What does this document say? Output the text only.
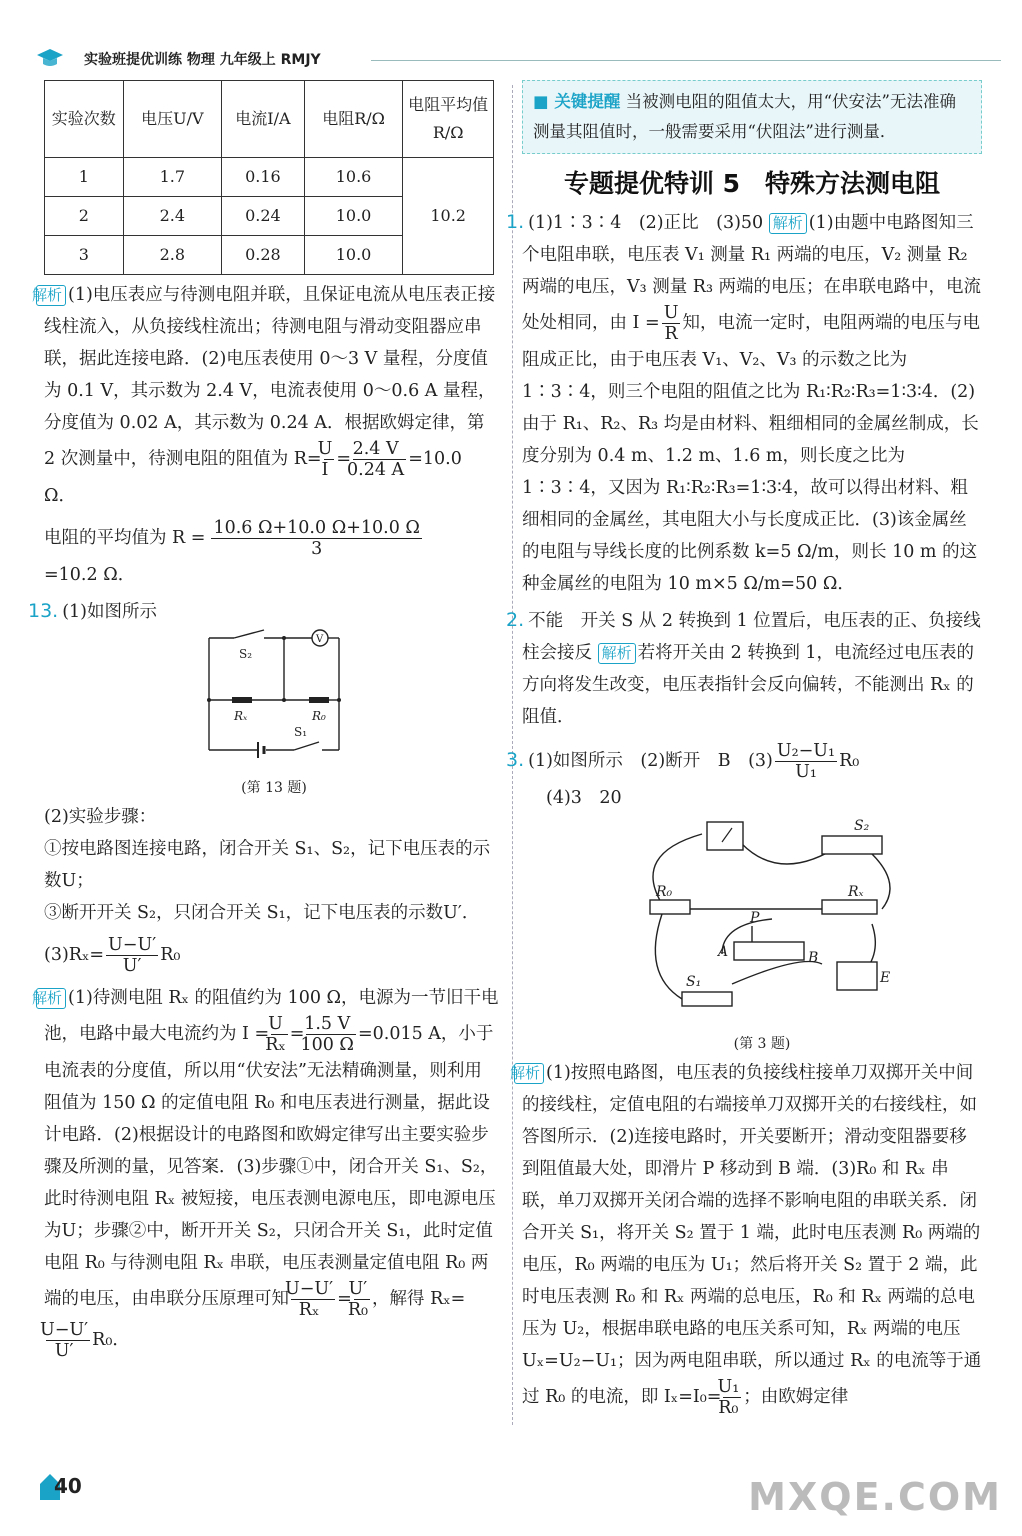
实验班提优训练 物理 九年级上 RMJY
实验次数	电压U/V	电流I/A	电阻R/Ω	电阻平均值R/Ω
1	1.7	0.16	10.6	10.2
2	2.4	0.24	10.0	
3	2.8	0.28	10.0	

解析 (1)电压表应与待测电阻并联，且保证电流从电压表正接线柱流入，从负接线柱流出；待测电阻与滑动变阻器应串联，据此连接电路．(2)电压表使用 0～3 V 量程，分度值为 0.1 V，其示数为 2.4 V，电流表使用 0～0.6 A 量程，分度值为 0.02 A，其示数为 0.24 A．根据欧姆定律，第 2 次测量中，待测电阻的阻值为 $R= \frac{U}{I} = \frac{2.4 V}{0.24 A} =10.0$ Ω．

电阻的平均值为 $R = \frac{10.6 \Omega+10.0 \Omega+10.0 \Omega}{3}$

=10.2 Ω．

13. (1)如图所示

V
S₂
Rₓ	R₀
S₁
(第 13 题)

(2)实验步骤：

①按电路图连接电路，闭合开关 S₁、S₂，记下电压表的示数U；

③断开开关 S₂，只闭合开关 S₁，记下电压表的示数U′．

$(3)R_x= \frac{U-U'}{U'} R_0$

解析 (1)待测电阻 Rₓ 的阻值约为 100 Ω，电源为一节旧干电池，电路中最大电流约为 $I = \frac{U}{\text{Rₓ}} = \frac{1.5 V}{100 \Omega} =0.015$ A，小于电流表的分度值，所以用“伏安法”无法精确测量，则利用阻值为 150 Ω 的定值电阻 R₀ 和电压表进行测量，据此设计电路．(2)根据设计的电路图和欧姆定律写出主要实验步骤及所测的量，见答案．(3)步骤①中，闭合开关 S₁、S₂，此时待测电阻 Rₓ 被短接，电压表测电源电压，即电源电压为U；步骤②中，断开开关 S₂，只闭合开关 S₁，此时定值电阻 R₀ 与待测电阻 Rₓ 串联，电压表测量定值电阻 R₀ 两端的电压，由串联分压原理可知 $\frac{U-U'}{\text{Rₓ}} = \frac{U'}{\text{R₀}}$ ，解得 Rₓ=
$\frac{U-U'}{U'} R_0$．

■ 关键提醒 当被测电阻的阻值太大，用“伏安法”无法准确测量其阻值时，一般需要采用“伏阻法”进行测量．
专题提优特训 5　特殊方法测电阻

1. (1)1∶3∶4　(2)正比　(3)50 解析 (1)由题中电路图知三个电阻串联，电压表 V₁ 测量 R₁ 两端的电压，V₂ 测量 R₂ 两端的电压，V₃ 测量 R₃ 两端的电压；在串联电路中，电流处处相同，由 $I = \frac{U}{R}$ 知，电流一定时，电阻两端的电压与电阻成正比，由于电压表 V₁、V₂、V₃ 的示数之比为 1∶3∶4，则三个电阻的阻值之比为 R₁∶R₂∶R₃=1∶3∶4．(2)由于 R₁、R₂、R₃ 均是由材料、粗细相同的金属丝制成，长度分别为 0.4 m、1.2 m、1.6 m，则长度之比为 1∶3∶4，又因为 R₁∶R₂∶R₃=1∶3∶4，故可以得出材料、粗细相同的金属丝，其电阻大小与长度成正比．(3)该金属丝的电阻与导线长度的比例系数 k=5 Ω/m，则长 10 m 的这种金属丝的电阻为 10 m×5 Ω/m=50 Ω．

2. 不能　开关 S 从 2 转换到 1 位置后，电压表的正、负接线柱会接反 解析 若将开关由 2 转换到 1，电流经过电压表的方向将发生改变，电压表指针会反向偏转，不能测出 Rₓ 的阻值．

3. (1)如图所示　(2)断开　B　$(3) \frac{\text{U₂−U₁}}{\text{U₁}} R_0$

(4)3　20

S₂
R₀	Rₓ
P
A	B
S₁	E
(第 3 题)

解析 (1)按照电路图，电压表的负接线柱接单刀双掷开关中间的接线柱，定值电阻的右端接单刀双掷开关的右接线柱，如答图所示．(2)连接电路时，开关要断开；滑动变阻器要移到阻值最大处，即滑片 P 移动到 B 端．(3)R₀ 和 Rₓ 串联，单刀双掷开关闭合端的选择不影响电阻的串联关系．闭合开关 S₁，将开关 S₂ 置于 1 端，此时电压表测 R₀ 两端的电压，R₀ 两端的电压为 U₁；然后将开关 S₂ 置于 2 端，此时电压表测 R₀ 和 Rₓ 两端的总电压，R₀ 和 Rₓ 两端的总电压为 U₂，根据串联电路的电压关系可知，Rₓ 两端的电压 Uₓ=U₂−U₁；因为两电阻串联，所以通过 Rₓ 的电流等于通过 R₀ 的电流，即 $I_x=I_0= \frac{\text{U₁}}{\text{R₀}}$ ；由欧姆定律

40	MXQE.COM
